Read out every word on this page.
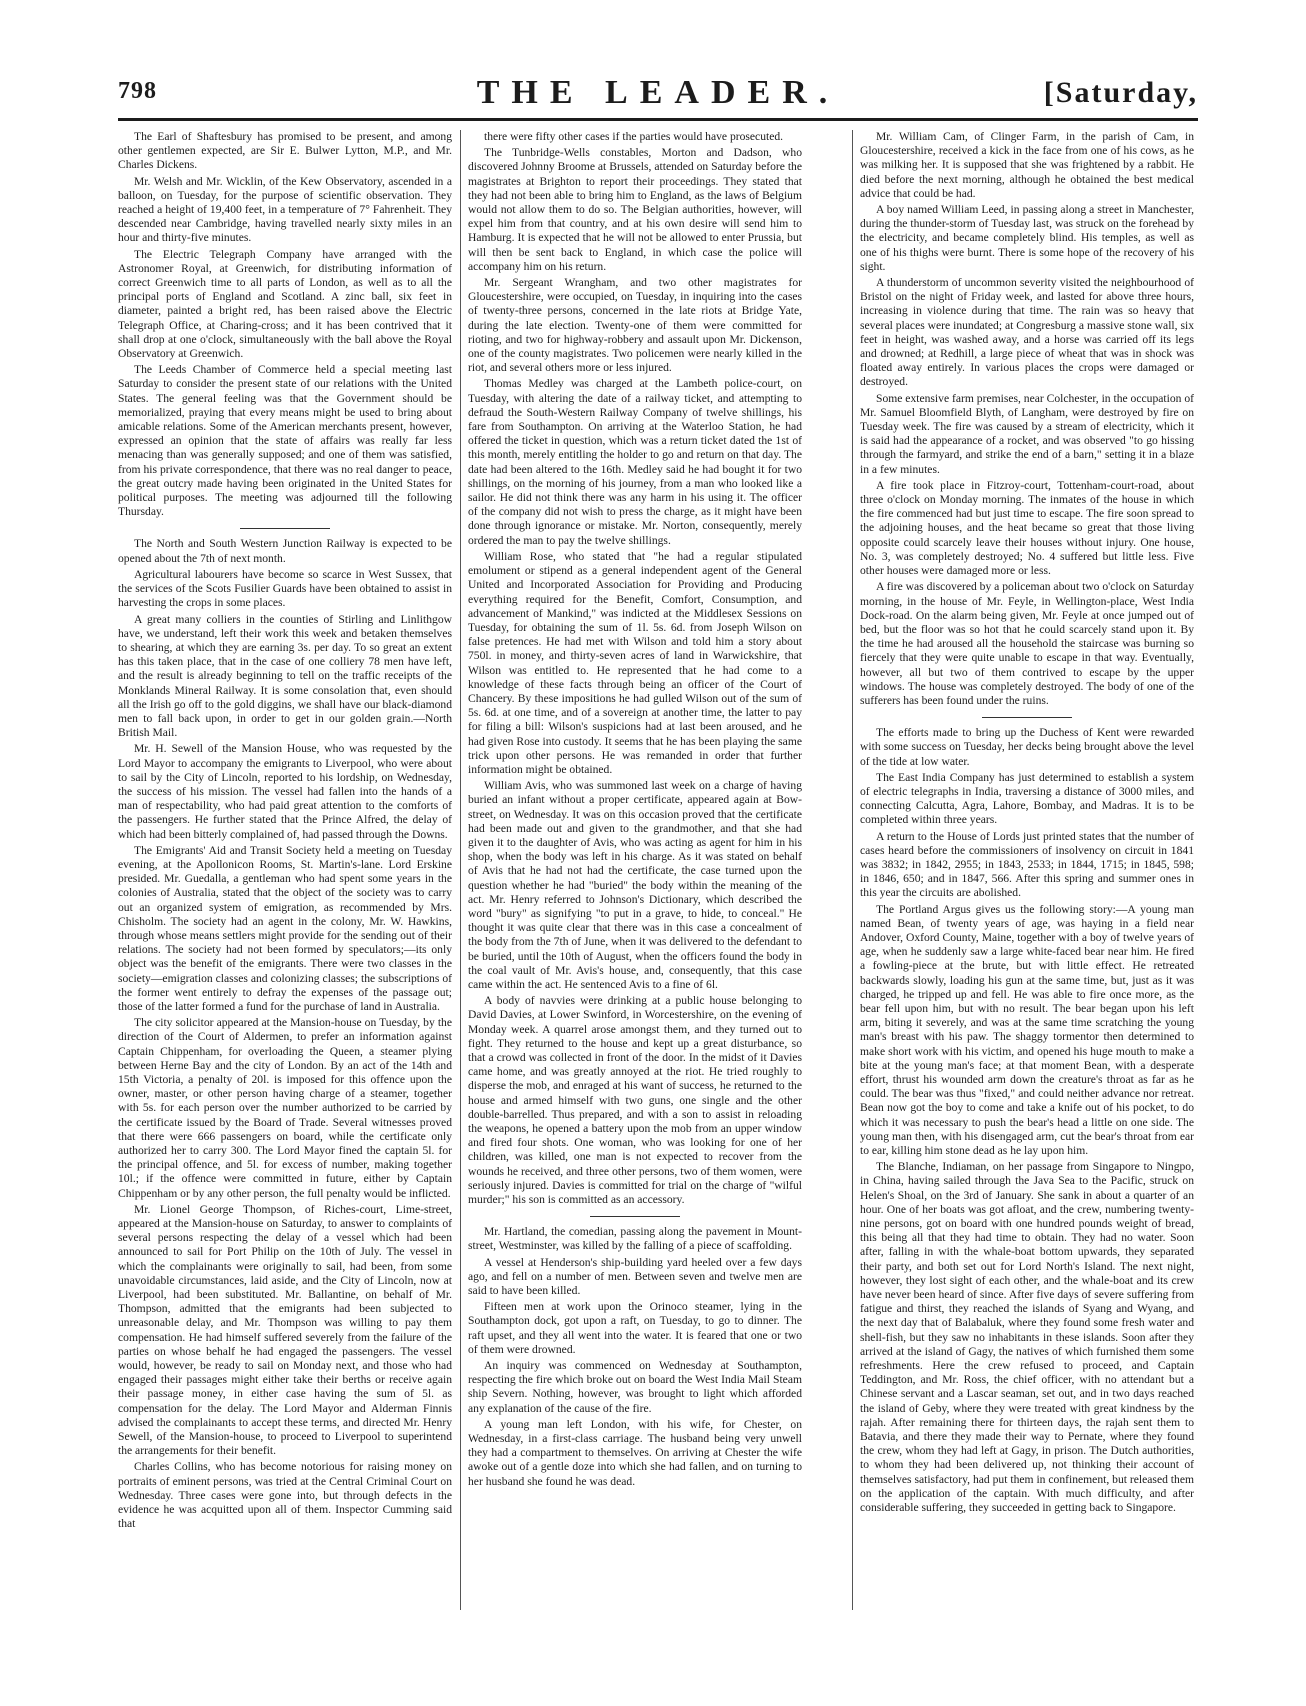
798	THE LEADER.	[Saturday,

The Earl of Shaftesbury has promised to be present, and among other gentlemen expected, are Sir E. Bulwer Lytton, M.P., and Mr. Charles Dickens.

Mr. Welsh and Mr. Wicklin, of the Kew Observatory, ascended in a balloon, on Tuesday, for the purpose of scientific observation. They reached a height of 19,400 feet, in a temperature of 7° Fahrenheit. They descended near Cambridge, having travelled nearly sixty miles in an hour and thirty-five minutes.

The Electric Telegraph Company have arranged with the Astronomer Royal, at Greenwich, for distributing information of correct Greenwich time to all parts of London, as well as to all the principal ports of England and Scotland. A zinc ball, six feet in diameter, painted a bright red, has been raised above the Electric Telegraph Office, at Charing-cross; and it has been contrived that it shall drop at one o'clock, simultaneously with the ball above the Royal Observatory at Greenwich.

The Leeds Chamber of Commerce held a special meeting last Saturday to consider the present state of our relations with the United States. The general feeling was that the Government should be memorialized, praying that every means might be used to bring about amicable relations. Some of the American merchants present, however, expressed an opinion that the state of affairs was really far less menacing than was generally supposed; and one of them was satisfied, from his private correspondence, that there was no real danger to peace, the great outcry made having been originated in the United States for political purposes. The meeting was adjourned till the following Thursday.

The North and South Western Junction Railway is expected to be opened about the 7th of next month.

Agricultural labourers have become so scarce in West Sussex, that the services of the Scots Fusilier Guards have been obtained to assist in harvesting the crops in some places.

A great many colliers in the counties of Stirling and Linlithgow have, we understand, left their work this week and betaken themselves to shearing, at which they are earning 3s. per day. To so great an extent has this taken place, that in the case of one colliery 78 men have left, and the result is already beginning to tell on the traffic receipts of the Monklands Mineral Railway. It is some consolation that, even should all the Irish go off to the gold diggins, we shall have our black-diamond men to fall back upon, in order to get in our golden grain.—North British Mail.

Mr. H. Sewell of the Mansion House, who was requested by the Lord Mayor to accompany the emigrants to Liverpool, who were about to sail by the City of Lincoln, reported to his lordship, on Wednesday, the success of his mission. The vessel had fallen into the hands of a man of respectability, who had paid great attention to the comforts of the passengers. He further stated that the Prince Alfred, the delay of which had been bitterly complained of, had passed through the Downs.

The Emigrants' Aid and Transit Society held a meeting on Tuesday evening, at the Apollonicon Rooms, St. Martin's-lane. Lord Erskine presided. Mr. Guedalla, a gentleman who had spent some years in the colonies of Australia, stated that the object of the society was to carry out an organized system of emigration, as recommended by Mrs. Chisholm. The society had an agent in the colony, Mr. W. Hawkins, through whose means settlers might provide for the sending out of their relations. The society had not been formed by speculators;—its only object was the benefit of the emigrants. There were two classes in the society—emigration classes and colonizing classes; the subscriptions of the former went entirely to defray the expenses of the passage out; those of the latter formed a fund for the purchase of land in Australia.

The city solicitor appeared at the Mansion-house on Tuesday, by the direction of the Court of Aldermen, to prefer an information against Captain Chippenham, for overloading the Queen, a steamer plying between Herne Bay and the city of London. By an act of the 14th and 15th Victoria, a penalty of 20l. is imposed for this offence upon the owner, master, or other person having charge of a steamer, together with 5s. for each person over the number authorized to be carried by the certificate issued by the Board of Trade. Several witnesses proved that there were 666 passengers on board, while the certificate only authorized her to carry 300. The Lord Mayor fined the captain 5l. for the principal offence, and 5l. for excess of number, making together 10l.; if the offence were committed in future, either by Captain Chippenham or by any other person, the full penalty would be inflicted.

Mr. Lionel George Thompson, of Riches-court, Lime-street, appeared at the Mansion-house on Saturday, to answer to complaints of several persons respecting the delay of a vessel which had been announced to sail for Port Philip on the 10th of July. The vessel in which the complainants were originally to sail, had been, from some unavoidable circumstances, laid aside, and the City of Lincoln, now at Liverpool, had been substituted. Mr. Ballantine, on behalf of Mr. Thompson, admitted that the emigrants had been subjected to unreasonable delay, and Mr. Thompson was willing to pay them compensation. He had himself suffered severely from the failure of the parties on whose behalf he had engaged the passengers. The vessel would, however, be ready to sail on Monday next, and those who had engaged their passages might either take their berths or receive again their passage money, in either case having the sum of 5l. as compensation for the delay. The Lord Mayor and Alderman Finnis advised the complainants to accept these terms, and directed Mr. Henry Sewell, of the Mansion-house, to proceed to Liverpool to superintend the arrangements for their benefit.

Charles Collins, who has become notorious for raising money on portraits of eminent persons, was tried at the Central Criminal Court on Wednesday. Three cases were gone into, but through defects in the evidence he was acquitted upon all of them. Inspector Cumming said that

there were fifty other cases if the parties would have prosecuted.

The Tunbridge-Wells constables, Morton and Dadson, who discovered Johnny Broome at Brussels, attended on Saturday before the magistrates at Brighton to report their proceedings. They stated that they had not been able to bring him to England, as the laws of Belgium would not allow them to do so. The Belgian authorities, however, will expel him from that country, and at his own desire will send him to Hamburg. It is expected that he will not be allowed to enter Prussia, but will then be sent back to England, in which case the police will accompany him on his return.

Mr. Sergeant Wrangham, and two other magistrates for Gloucestershire, were occupied, on Tuesday, in inquiring into the cases of twenty-three persons, concerned in the late riots at Bridge Yate, during the late election. Twenty-one of them were committed for rioting, and two for highway-robbery and assault upon Mr. Dickenson, one of the county magistrates. Two policemen were nearly killed in the riot, and several others more or less injured.

Thomas Medley was charged at the Lambeth police-court, on Tuesday, with altering the date of a railway ticket, and attempting to defraud the South-Western Railway Company of twelve shillings, his fare from Southampton. On arriving at the Waterloo Station, he had offered the ticket in question, which was a return ticket dated the 1st of this month, merely entitling the holder to go and return on that day. The date had been altered to the 16th. Medley said he had bought it for two shillings, on the morning of his journey, from a man who looked like a sailor. He did not think there was any harm in his using it. The officer of the company did not wish to press the charge, as it might have been done through ignorance or mistake. Mr. Norton, consequently, merely ordered the man to pay the twelve shillings.

William Rose, who stated that "he had a regular stipulated emolument or stipend as a general independent agent of the General United and Incorporated Association for Providing and Producing everything required for the Benefit, Comfort, Consumption, and advancement of Mankind," was indicted at the Middlesex Sessions on Tuesday, for obtaining the sum of 1l. 5s. 6d. from Joseph Wilson on false pretences. He had met with Wilson and told him a story about 750l. in money, and thirty-seven acres of land in Warwickshire, that Wilson was entitled to. He represented that he had come to a knowledge of these facts through being an officer of the Court of Chancery. By these impositions he had gulled Wilson out of the sum of 5s. 6d. at one time, and of a sovereign at another time, the latter to pay for filing a bill: Wilson's suspicions had at last been aroused, and he had given Rose into custody. It seems that he has been playing the same trick upon other persons. He was remanded in order that further information might be obtained.

William Avis, who was summoned last week on a charge of having buried an infant without a proper certificate, appeared again at Bow-street, on Wednesday. It was on this occasion proved that the certificate had been made out and given to the grandmother, and that she had given it to the daughter of Avis, who was acting as agent for him in his shop, when the body was left in his charge. As it was stated on behalf of Avis that he had not had the certificate, the case turned upon the question whether he had "buried" the body within the meaning of the act. Mr. Henry referred to Johnson's Dictionary, which described the word "bury" as signifying "to put in a grave, to hide, to conceal." He thought it was quite clear that there was in this case a concealment of the body from the 7th of June, when it was delivered to the defendant to be buried, until the 10th of August, when the officers found the body in the coal vault of Mr. Avis's house, and, consequently, that this case came within the act. He sentenced Avis to a fine of 6l.

A body of navvies were drinking at a public house belonging to David Davies, at Lower Swinford, in Worcestershire, on the evening of Monday week. A quarrel arose amongst them, and they turned out to fight. They returned to the house and kept up a great disturbance, so that a crowd was collected in front of the door. In the midst of it Davies came home, and was greatly annoyed at the riot. He tried roughly to disperse the mob, and enraged at his want of success, he returned to the house and armed himself with two guns, one single and the other double-barrelled. Thus prepared, and with a son to assist in reloading the weapons, he opened a battery upon the mob from an upper window and fired four shots. One woman, who was looking for one of her children, was killed, one man is not expected to recover from the wounds he received, and three other persons, two of them women, were seriously injured. Davies is committed for trial on the charge of "wilful murder;" his son is committed as an accessory.

Mr. Hartland, the comedian, passing along the pavement in Mount-street, Westminster, was killed by the falling of a piece of scaffolding.

A vessel at Henderson's ship-building yard heeled over a few days ago, and fell on a number of men. Between seven and twelve men are said to have been killed.

Fifteen men at work upon the Orinoco steamer, lying in the Southampton dock, got upon a raft, on Tuesday, to go to dinner. The raft upset, and they all went into the water. It is feared that one or two of them were drowned.

An inquiry was commenced on Wednesday at Southampton, respecting the fire which broke out on board the West India Mail Steam ship Severn. Nothing, however, was brought to light which afforded any explanation of the cause of the fire.

A young man left London, with his wife, for Chester, on Wednesday, in a first-class carriage. The husband being very unwell they had a compartment to themselves. On arriving at Chester the wife awoke out of a gentle doze into which she had fallen, and on turning to her husband she found he was dead.

Mr. William Cam, of Clinger Farm, in the parish of Cam, in Gloucestershire, received a kick in the face from one of his cows, as he was milking her. It is supposed that she was frightened by a rabbit. He died before the next morning, although he obtained the best medical advice that could be had.

A boy named William Leed, in passing along a street in Manchester, during the thunder-storm of Tuesday last, was struck on the forehead by the electricity, and became completely blind. His temples, as well as one of his thighs were burnt. There is some hope of the recovery of his sight.

A thunderstorm of uncommon severity visited the neighbourhood of Bristol on the night of Friday week, and lasted for above three hours, increasing in violence during that time. The rain was so heavy that several places were inundated; at Congresburg a massive stone wall, six feet in height, was washed away, and a horse was carried off its legs and drowned; at Redhill, a large piece of wheat that was in shock was floated away entirely. In various places the crops were damaged or destroyed.

Some extensive farm premises, near Colchester, in the occupation of Mr. Samuel Bloomfield Blyth, of Langham, were destroyed by fire on Tuesday week. The fire was caused by a stream of electricity, which it is said had the appearance of a rocket, and was observed "to go hissing through the farmyard, and strike the end of a barn," setting it in a blaze in a few minutes.

A fire took place in Fitzroy-court, Tottenham-court-road, about three o'clock on Monday morning. The inmates of the house in which the fire commenced had but just time to escape. The fire soon spread to the adjoining houses, and the heat became so great that those living opposite could scarcely leave their houses without injury. One house, No. 3, was completely destroyed; No. 4 suffered but little less. Five other houses were damaged more or less.

A fire was discovered by a policeman about two o'clock on Saturday morning, in the house of Mr. Feyle, in Wellington-place, West India Dock-road. On the alarm being given, Mr. Feyle at once jumped out of bed, but the floor was so hot that he could scarcely stand upon it. By the time he had aroused all the household the staircase was burning so fiercely that they were quite unable to escape in that way. Eventually, however, all but two of them contrived to escape by the upper windows. The house was completely destroyed. The body of one of the sufferers has been found under the ruins.

The efforts made to bring up the Duchess of Kent were rewarded with some success on Tuesday, her decks being brought above the level of the tide at low water.

The East India Company has just determined to establish a system of electric telegraphs in India, traversing a distance of 3000 miles, and connecting Calcutta, Agra, Lahore, Bombay, and Madras. It is to be completed within three years.

A return to the House of Lords just printed states that the number of cases heard before the commissioners of insolvency on circuit in 1841 was 3832; in 1842, 2955; in 1843, 2533; in 1844, 1715; in 1845, 598; in 1846, 650; and in 1847, 566. After this spring and summer ones in this year the circuits are abolished.

The Portland Argus gives us the following story:—A young man named Bean, of twenty years of age, was haying in a field near Andover, Oxford County, Maine, together with a boy of twelve years of age, when he suddenly saw a large white-faced bear near him. He fired a fowling-piece at the brute, but with little effect. He retreated backwards slowly, loading his gun at the same time, but, just as it was charged, he tripped up and fell. He was able to fire once more, as the bear fell upon him, but with no result. The bear began upon his left arm, biting it severely, and was at the same time scratching the young man's breast with his paw. The shaggy tormentor then determined to make short work with his victim, and opened his huge mouth to make a bite at the young man's face; at that moment Bean, with a desperate effort, thrust his wounded arm down the creature's throat as far as he could. The bear was thus "fixed," and could neither advance nor retreat. Bean now got the boy to come and take a knife out of his pocket, to do which it was necessary to push the bear's head a little on one side. The young man then, with his disengaged arm, cut the bear's throat from ear to ear, killing him stone dead as he lay upon him.

The Blanche, Indiaman, on her passage from Singapore to Ningpo, in China, having sailed through the Java Sea to the Pacific, struck on Helen's Shoal, on the 3rd of January. She sank in about a quarter of an hour. One of her boats was got afloat, and the crew, numbering twenty-nine persons, got on board with one hundred pounds weight of bread, this being all that they had time to obtain. They had no water. Soon after, falling in with the whale-boat bottom upwards, they separated their party, and both set out for Lord North's Island. The next night, however, they lost sight of each other, and the whale-boat and its crew have never been heard of since. After five days of severe suffering from fatigue and thirst, they reached the islands of Syang and Wyang, and the next day that of Balabaluk, where they found some fresh water and shell-fish, but they saw no inhabitants in these islands. Soon after they arrived at the island of Gagy, the natives of which furnished them some refreshments. Here the crew refused to proceed, and Captain Teddington, and Mr. Ross, the chief officer, with no attendant but a Chinese servant and a Lascar seaman, set out, and in two days reached the island of Geby, where they were treated with great kindness by the rajah. After remaining there for thirteen days, the rajah sent them to Batavia, and there they made their way to Pernate, where they found the crew, whom they had left at Gagy, in prison. The Dutch authorities, to whom they had been delivered up, not thinking their account of themselves satisfactory, had put them in confinement, but released them on the application of the captain. With much difficulty, and after considerable suffering, they succeeded in getting back to Singapore.
